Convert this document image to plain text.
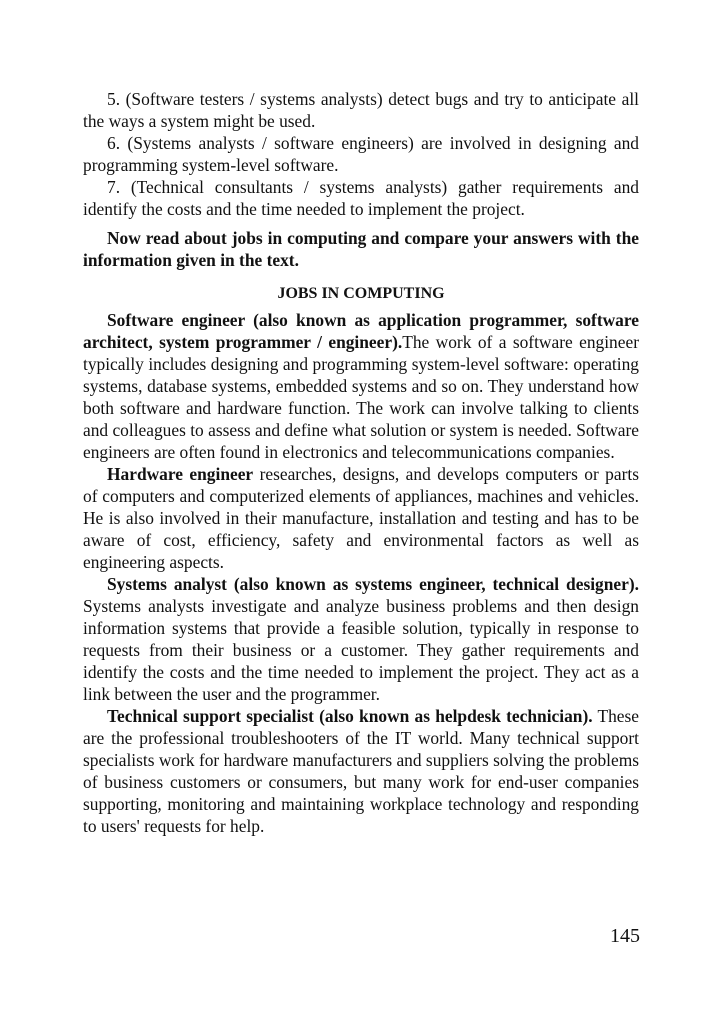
5. (Software testers / systems analysts) detect bugs and try to anticipate all the ways a system might be used.

6. (Systems analysts / software engineers) are involved in designing and programming system-level software.

7. (Technical consultants / systems analysts) gather requirements and identify the costs and the time needed to implement the project.

Now read about jobs in computing and compare your answers with the information given in the text.

JOBS IN COMPUTING

Software engineer (also known as application programmer, software architect, system programmer / engineer).The work of a software engineer typically includes designing and programming system-level software: operating systems, database systems, embedded systems and so on. They understand how both software and hardware function. The work can involve talking to clients and colleagues to assess and define what solution or system is needed. Software engineers are often found in electronics and telecommunications companies.

Hardware engineer researches, designs, and develops computers or parts of computers and computerized elements of appliances, machines and vehicles. He is also involved in their manufacture, installation and testing and has to be aware of cost, efficiency, safety and environmental factors as well as engineering aspects.

Systems analyst (also known as systems engineer, technical designer). Systems analysts investigate and analyze business problems and then design information systems that provide a feasible solution, typically in response to requests from their business or a customer. They gather requirements and identify the costs and the time needed to implement the project. They act as a link between the user and the programmer.

Technical support specialist (also known as helpdesk technician). These are the professional troubleshooters of the IT world. Many technical support specialists work for hardware manufacturers and suppliers solving the problems of business customers or consumers, but many work for end-user companies supporting, monitoring and maintaining workplace technology and responding to users' requests for help.

145
